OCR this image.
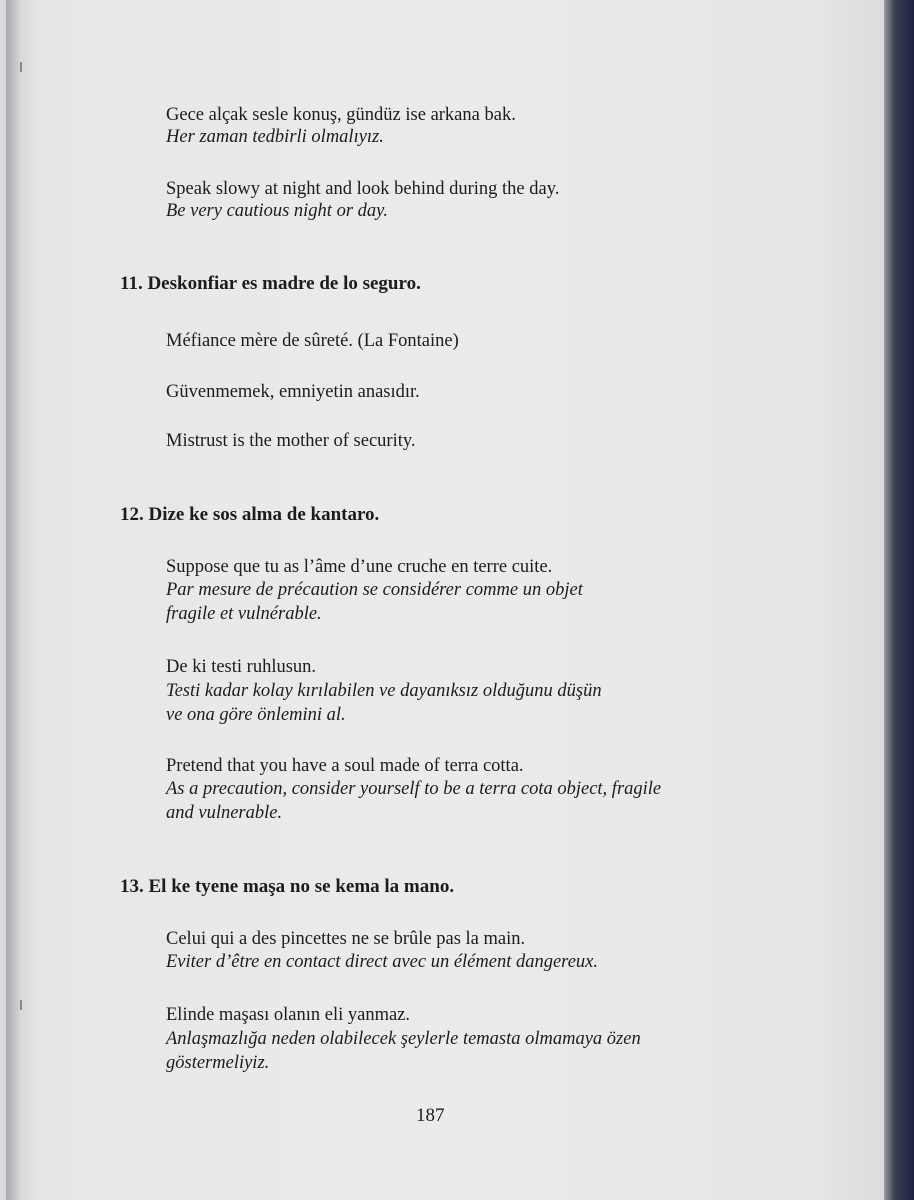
Gece alçak sesle konuş, gündüz ise arkana bak.
Her zaman tedbirli olmalıyız.
Speak slowy at night and look behind during the day.
Be very cautious night or day.
11. Deskonfiar es madre de lo seguro.
Méfiance mère de sûreté. (La Fontaine)
Güvenmemek, emniyetin anasıdır.
Mistrust is the mother of security.
12. Dize ke sos alma de kantaro.
Suppose que tu as l’âme d’une cruche en terre cuite.
Par mesure de précaution se considérer comme un objet
fragile et vulnérable.
De ki testi ruhlusun.
Testi kadar kolay kırılabilen ve dayanıksız olduğunu düşün
ve ona göre önlemini al.
Pretend that you have a soul made of terra cotta.
As a precaution, consider yourself to be a terra cota object, fragile
and vulnerable.
13. El ke tyene maşa no se kema la mano.
Celui qui a des pincettes ne se brûle pas la main.
Eviter d’être en contact direct avec un élément dangereux.
Elinde maşası olanın eli yanmaz.
Anlaşmazlığa neden olabilecek şeylerle temasta olmamaya özen
göstermeliyiz.
187
